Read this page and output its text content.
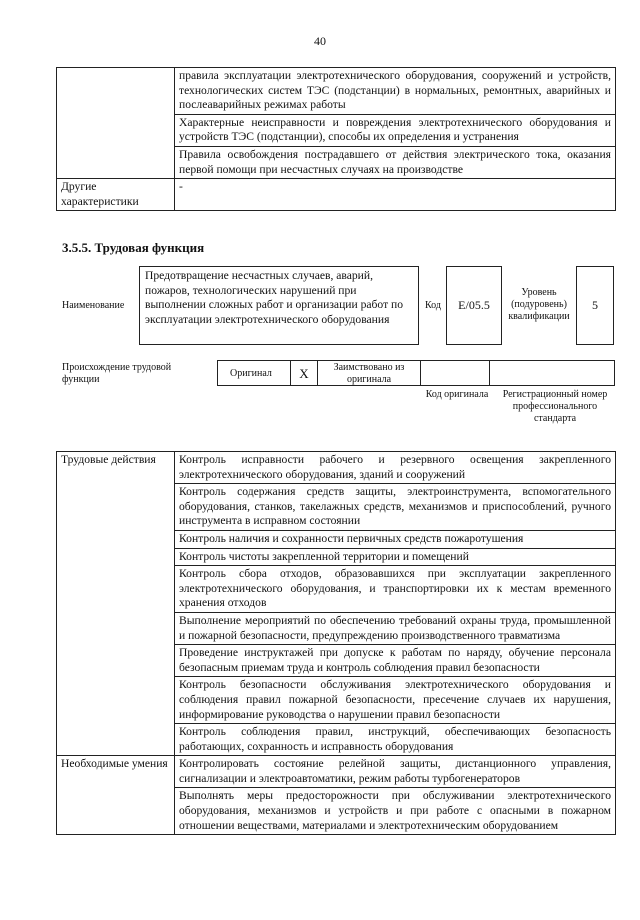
40
	правила эксплуатации электротехнического оборудования, сооружений и устройств, технологических систем ТЭС (подстанции) в нормальных, ремонтных, аварийных и послеаварийных режимах работы
	Характерные неисправности и повреждения электротехнического оборудования и устройств ТЭС (подстанции), способы их определения и устранения
	Правила освобождения пострадавшего от действия электрического тока, оказания первой помощи при несчастных случаях на производстве
Другие характеристики	-
3.5.5. Трудовая функция
Наименование
Предотвращение несчастных случаев, аварий, пожаров, технологических нарушений при выполнении сложных работ и организации работ по эксплуатации электротехнического оборудования
Код	Е/05.5
Уровень (подуровень) квалификации
5
Происхождение трудовой функции
Оригинал	X	Заимствовано из оригинала
Код оригинала Регистрационный номер профессионального стандарта
Трудовые действия	Контроль исправности рабочего и резервного освещения закрепленного электротехнического оборудования, зданий и сооружений
	Контроль содержания средств защиты, электроинструмента, вспомогательного оборудования, станков, такелажных средств, механизмов и приспособлений, ручного инструмента в исправном состоянии
	Контроль наличия и сохранности первичных средств пожаротушения
	Контроль чистоты закрепленной территории и помещений
	Контроль сбора отходов, образовавшихся при эксплуатации закрепленного электротехнического оборудования, и транспортировки их к местам временного хранения отходов
	Выполнение мероприятий по обеспечению требований охраны труда, промышленной и пожарной безопасности, предупреждению производственного травматизма
	Проведение инструктажей при допуске к работам по наряду, обучение персонала безопасным приемам труда и контроль соблюдения правил безопасности
	Контроль безопасности обслуживания электротехнического оборудования и соблюдения правил пожарной безопасности, пресечение случаев их нарушения, информирование руководства о нарушении правил безопасности
	Контроль соблюдения правил, инструкций, обеспечивающих безопасность работающих, сохранность и исправность оборудования
Необходимые умения	Контролировать состояние релейной защиты, дистанционного управления, сигнализации и электроавтоматики, режим работы турбогенераторов
	Выполнять меры предосторожности при обслуживании электротехнического оборудования, механизмов и устройств и при работе с опасными в пожарном отношении веществами, материалами и электротехническим оборудованием
